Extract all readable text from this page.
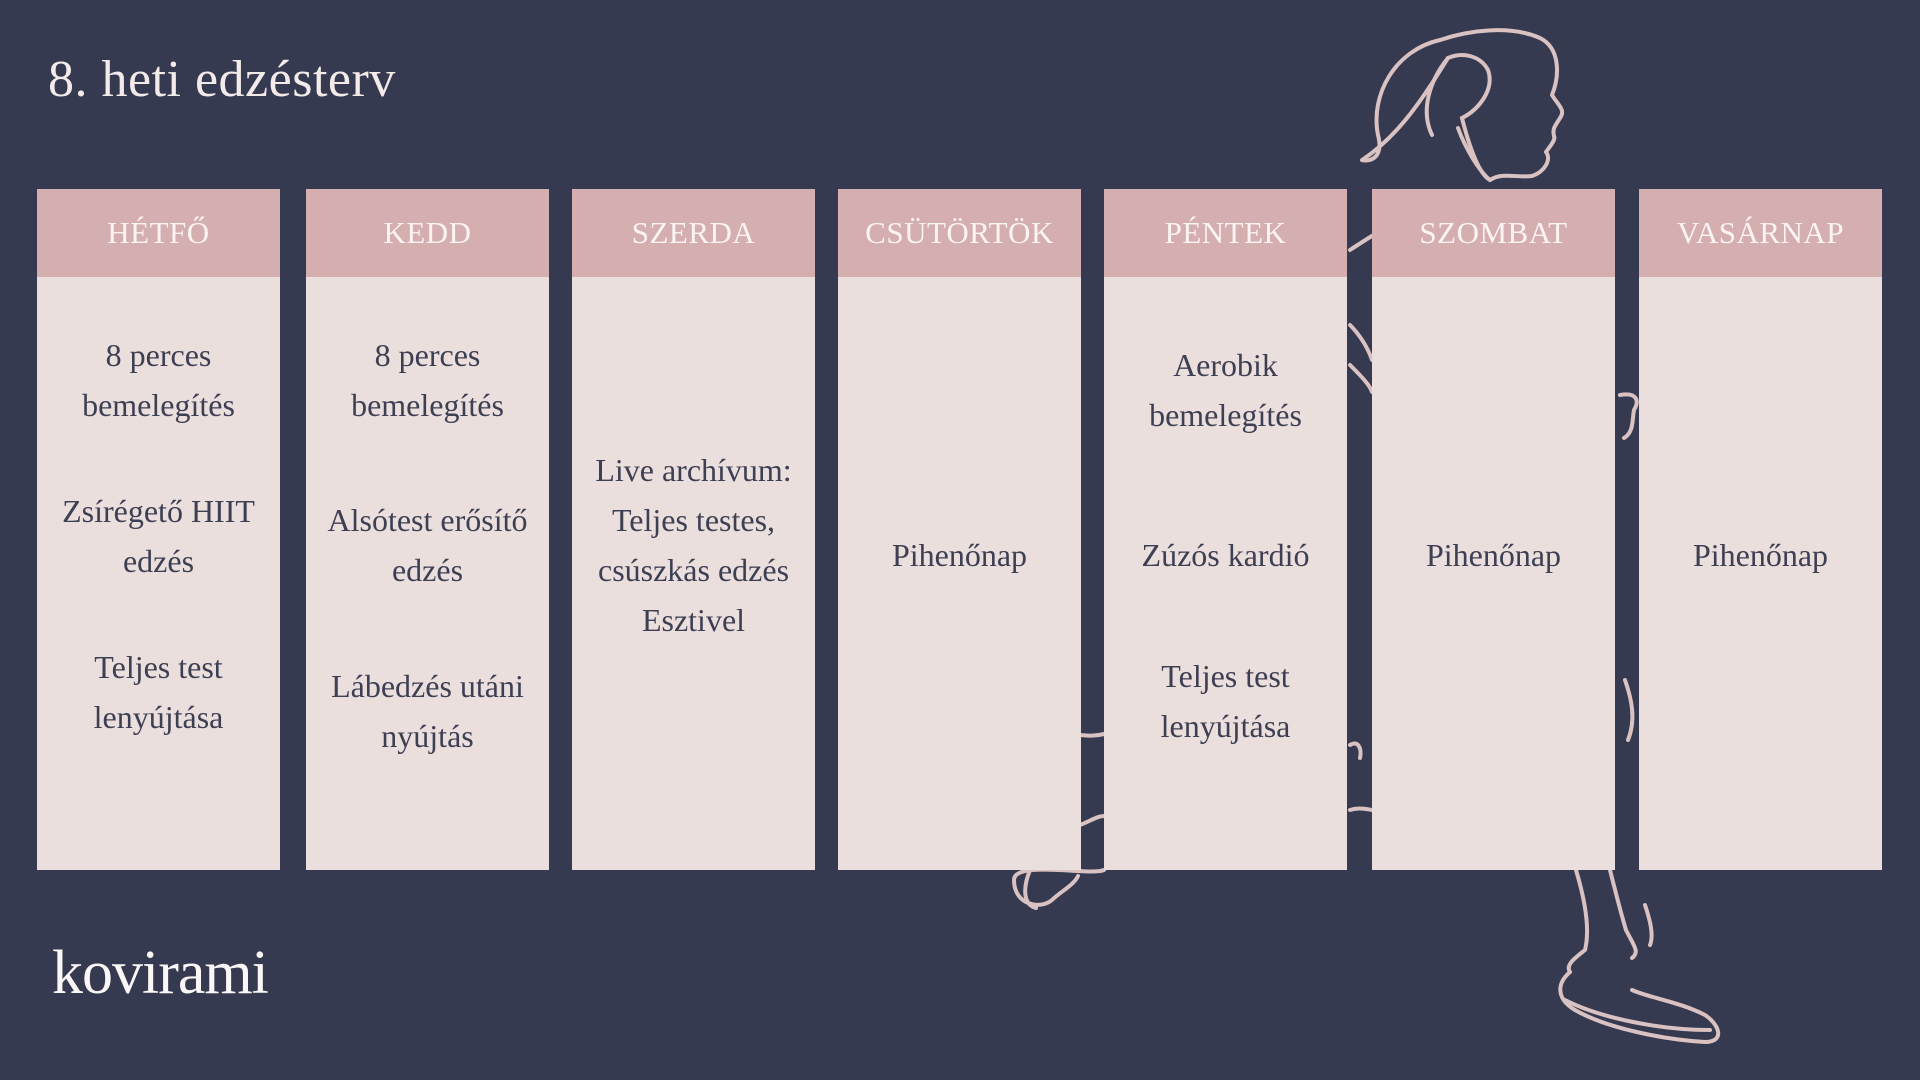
8. heti edzésterv
HÉTFŐ
8 perces bemelegítés
Zsírégető HIIT edzés
Teljes test lenyújtása
KEDD
8 perces bemelegítés
Alsótest erősítő edzés
Lábedzés utáni nyújtás
SZERDA
Live archívum: Teljes testes, csúszkás edzés Esztivel
CSÜTÖRTÖK
Pihenőnap
PÉNTEK
Aerobik bemelegítés
Zúzós kardió
Teljes test lenyújtása
SZOMBAT
Pihenőnap
VASÁRNAP
Pihenőnap
kovirami
